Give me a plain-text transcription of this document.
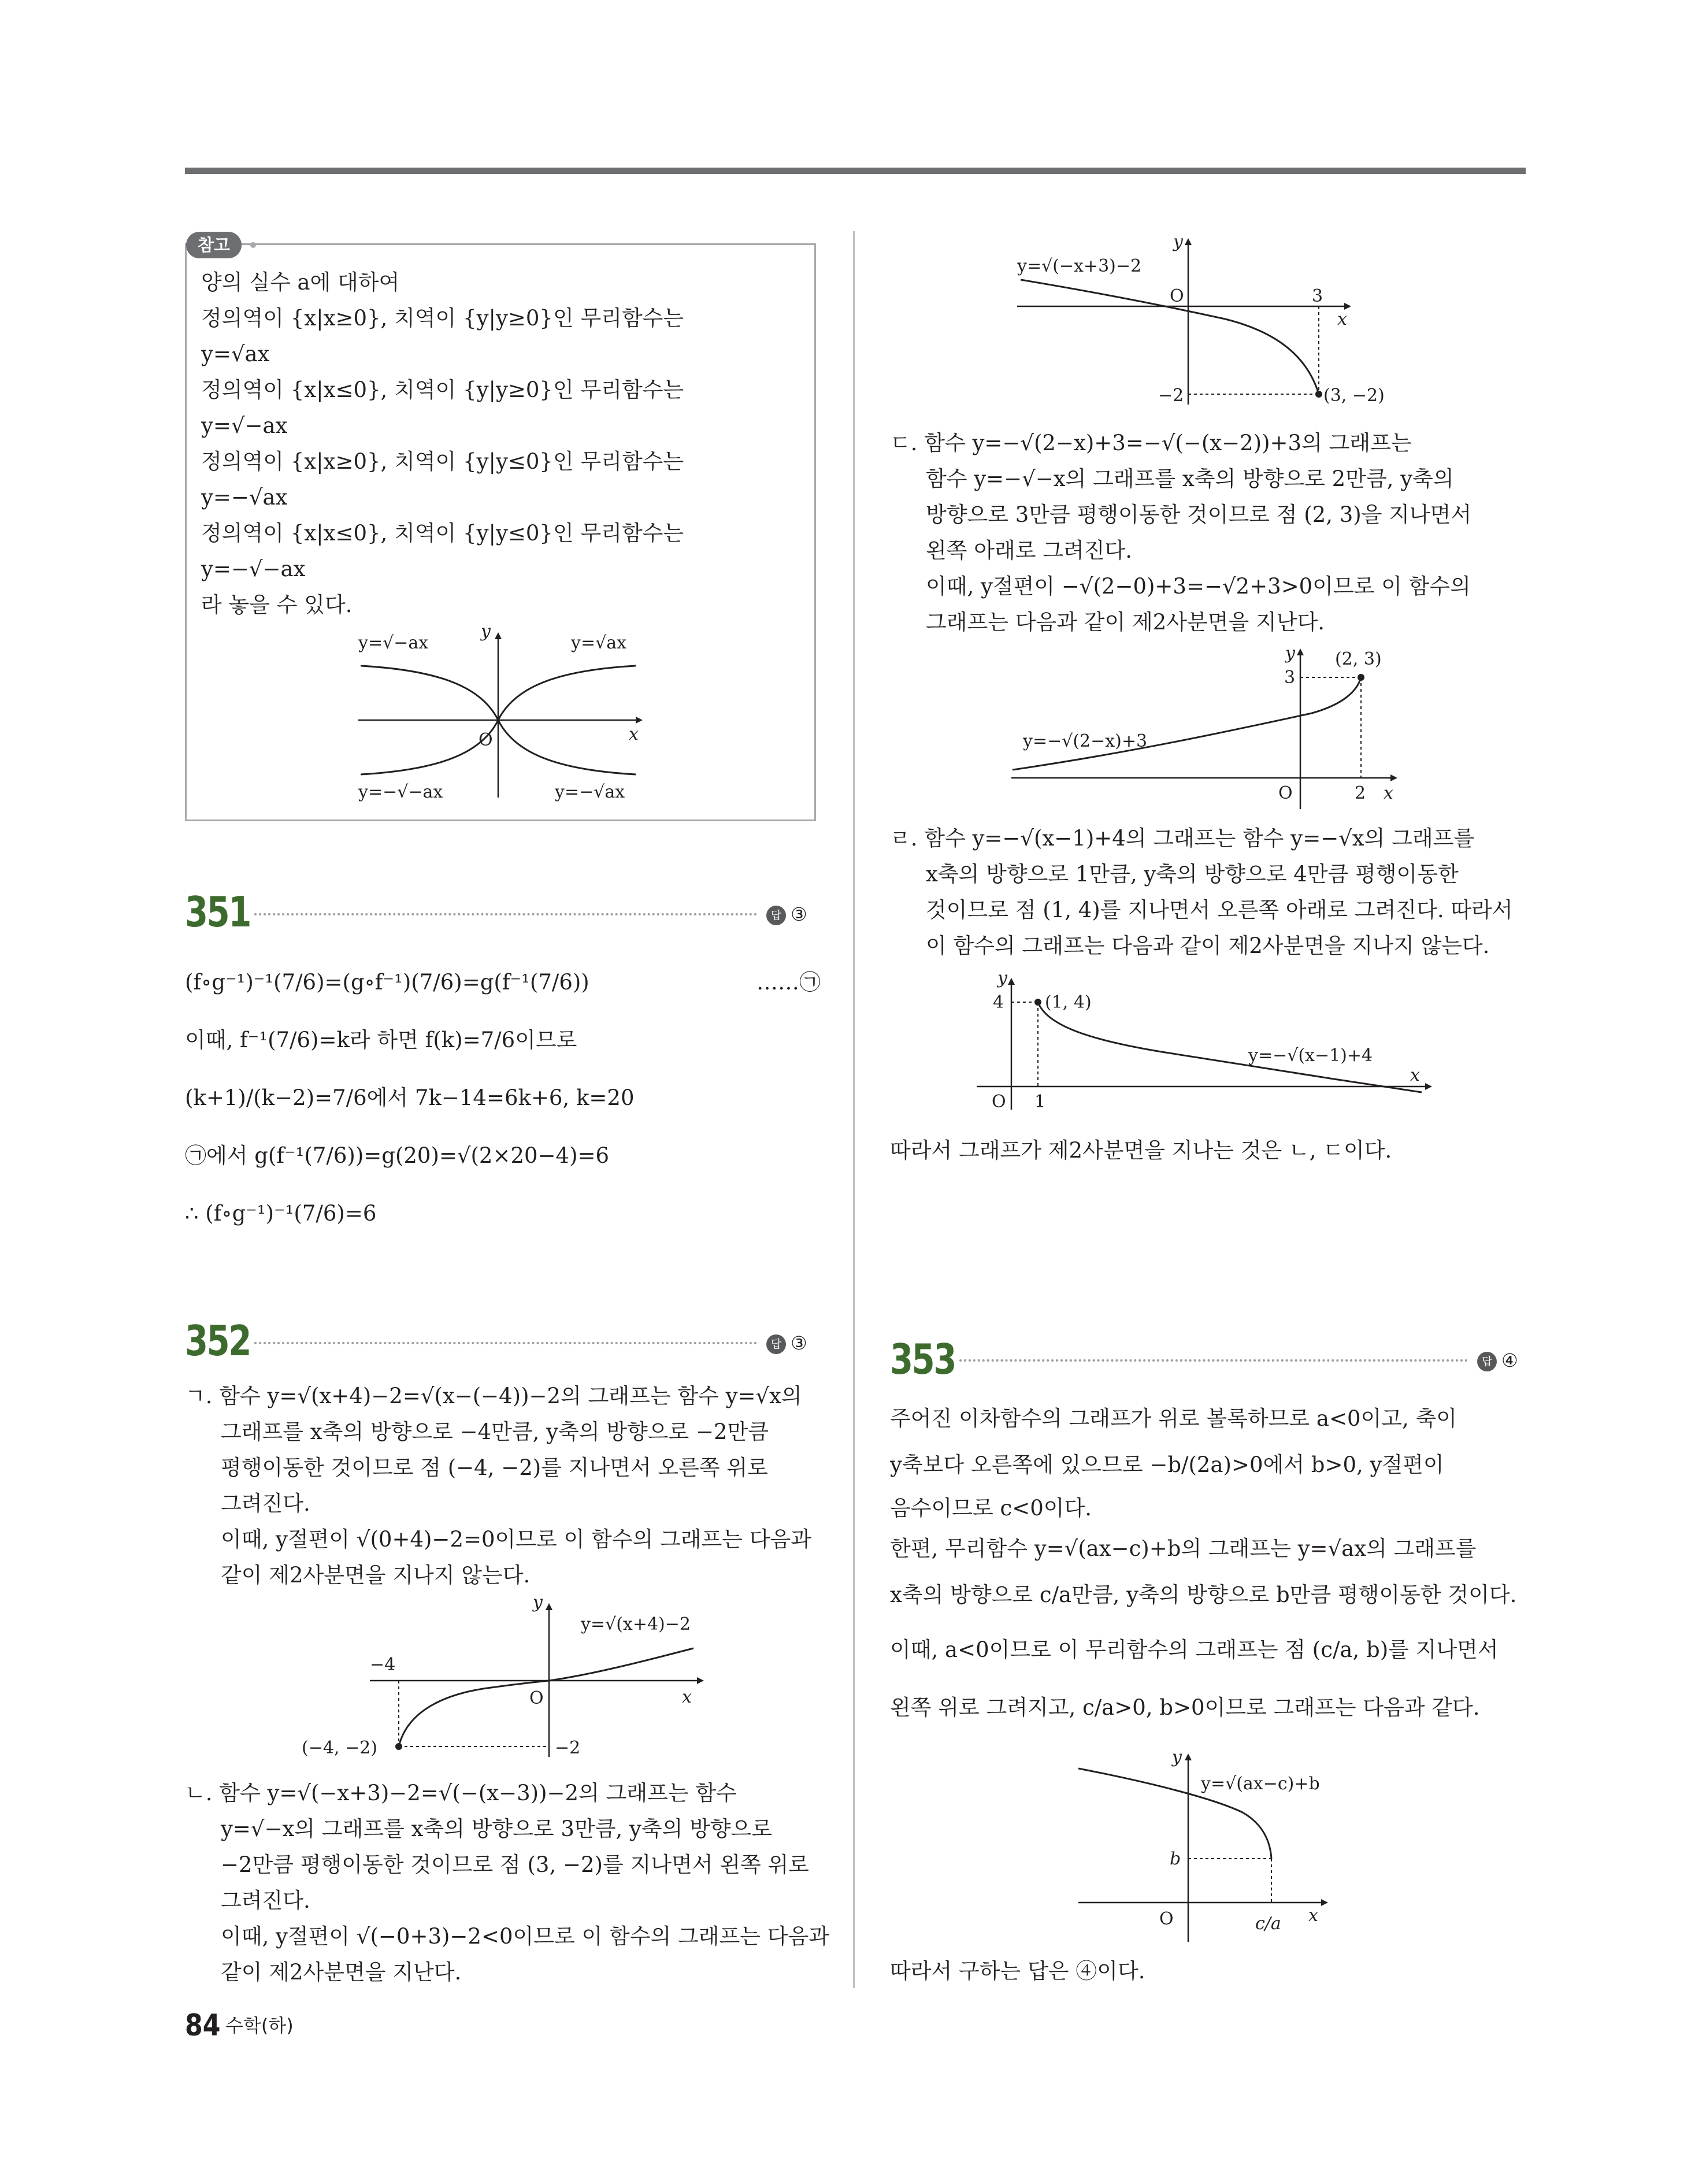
참고

양의 실수 a에 대하여

정의역이 {x|x≥0}, 치역이 {y|y≥0}인 무리함수는

y=√ax

정의역이 {x|x≤0}, 치역이 {y|y≥0}인 무리함수는

y=√−ax

정의역이 {x|x≥0}, 치역이 {y|y≤0}인 무리함수는

y=−√ax

정의역이 {x|x≤0}, 치역이 {y|y≤0}인 무리함수는

y=−√−ax

라 놓을 수 있다.

y=√−ax	y=√ax
y=−√−ax	y=−√ax
x
y
O
351	답 ③

(f∘g⁻¹)⁻¹(7/6)=(g∘f⁻¹)(7/6)=g(f⁻¹(7/6))	……㉠

이때, f⁻¹(7/6)=k라 하면 f(k)=7/6이므로

(k+1)/(k−2)=7/6에서 7k−14=6k+6, k=20

㉠에서 g(f⁻¹(7/6))=g(20)=√(2×20−4)=6

∴ (f∘g⁻¹)⁻¹(7/6)=6

352	답 ③

ㄱ. 함수 y=√(x+4)−2=√(x−(−4))−2의 그래프는 함수 y=√x의

그래프를 x축의 방향으로 −4만큼, y축의 방향으로 −2만큼

평행이동한 것이므로 점 (−4, −2)를 지나면서 오른쪽 위로

그려진다.

이때, y절편이 √(0+4)−2=0이므로 이 함수의 그래프는 다음과

같이 제2사분면을 지나지 않는다.

y=√(x+4)−2
−4
−2
(−4, −2)
O	x
y

ㄴ. 함수 y=√(−x+3)−2=√(−(x−3))−2의 그래프는 함수

y=√−x의 그래프를 x축의 방향으로 3만큼, y축의 방향으로

−2만큼 평행이동한 것이므로 점 (3, −2)를 지나면서 왼쪽 위로

그려진다.

이때, y절편이 √(−0+3)−2<0이므로 이 함수의 그래프는 다음과

같이 제2사분면을 지난다.

y=√(−x+3)−2
3
−2	(3, −2)
O
x
y

ㄷ. 함수 y=−√(2−x)+3=−√(−(x−2))+3의 그래프는

함수 y=−√−x의 그래프를 x축의 방향으로 2만큼, y축의

방향으로 3만큼 평행이동한 것이므로 점 (2, 3)을 지나면서

왼쪽 아래로 그려진다.

이때, y절편이 −√(2−0)+3=−√2+3>0이므로 이 함수의

그래프는 다음과 같이 제2사분면을 지난다.

y=−√(2−x)+3
2
3
(2, 3)
O	x
y

ㄹ. 함수 y=−√(x−1)+4의 그래프는 함수 y=−√x의 그래프를

x축의 방향으로 1만큼, y축의 방향으로 4만큼 평행이동한

것이므로 점 (1, 4)를 지나면서 오른쪽 아래로 그려진다. 따라서

이 함수의 그래프는 다음과 같이 제2사분면을 지나지 않는다.

y=−√(x−1)+4
1
4 (1, 4)
O
x
y

따라서 그래프가 제2사분면을 지나는 것은 ㄴ, ㄷ이다.

353	답 ④

주어진 이차함수의 그래프가 위로 볼록하므로 a<0이고, 축이

y축보다 오른쪽에 있으므로 −b/(2a)>0에서 b>0, y절편이

음수이므로 c<0이다.

한편, 무리함수 y=√(ax−c)+b의 그래프는 y=√ax의 그래프를

x축의 방향으로 c/a만큼, y축의 방향으로 b만큼 평행이동한 것이다.

이때, a<0이므로 이 무리함수의 그래프는 점 (c/a, b)를 지나면서

왼쪽 위로 그려지고, c/a>0, b>0이므로 그래프는 다음과 같다.

y=√(ax−c)+b
b
c/a
O	x
y

따라서 구하는 답은 ④이다.

84 수학(하)
